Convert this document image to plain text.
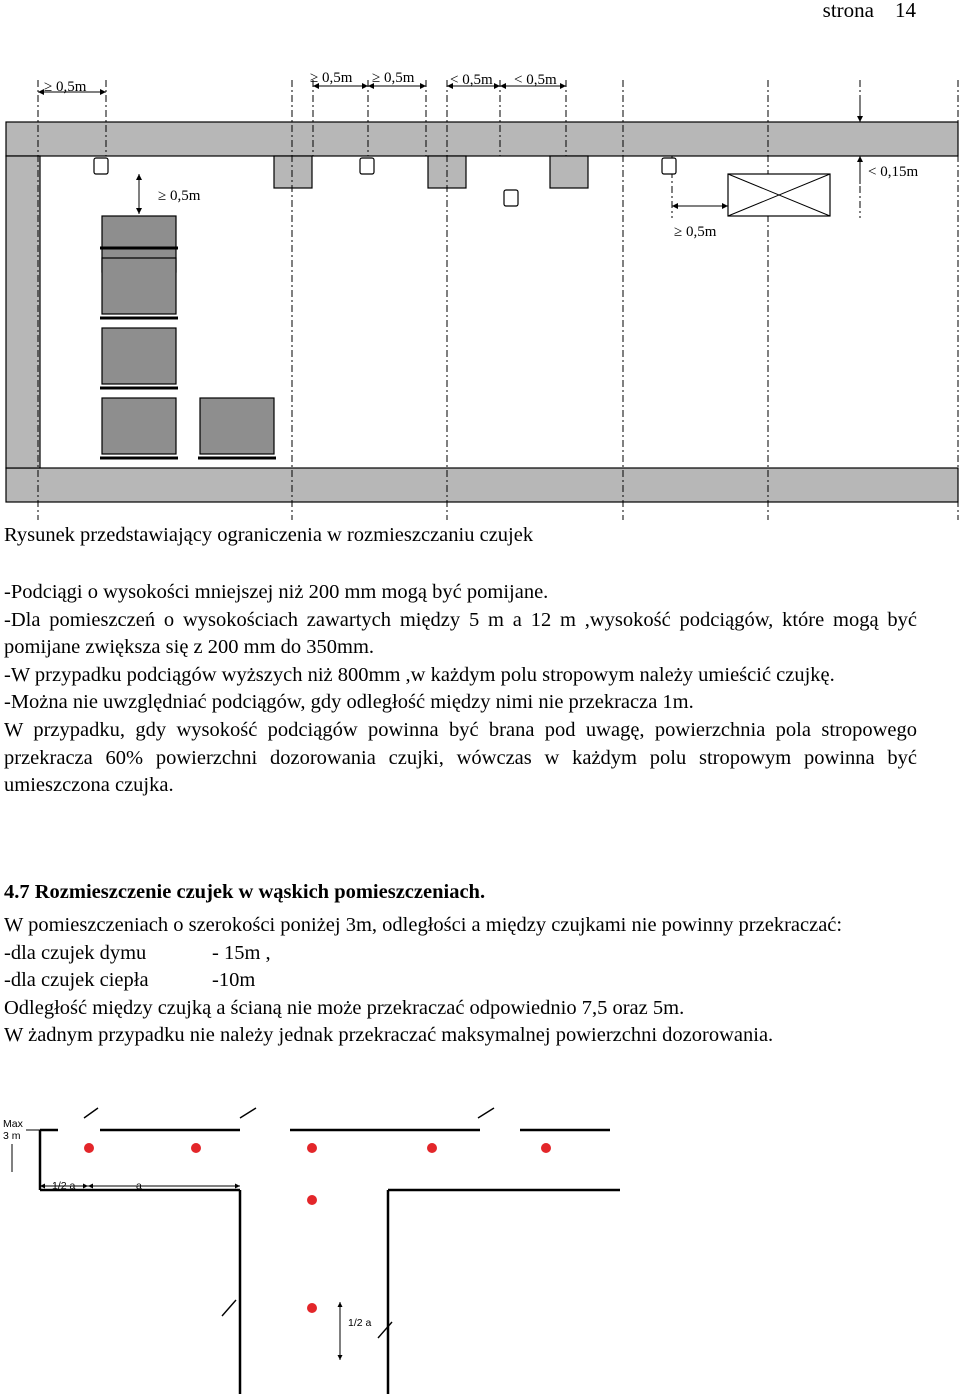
strona 14
≥ 0,5m
≥ 0,5m ≥ 0,5m < 0,5m < 0,5m
≥ 0,5m
< 0,15m
≥ 0,5m
Rysunek przedstawiający ograniczenia w rozmieszczaniu czujek

-Podciągi o wysokości mniejszej niż 200 mm mogą być pomijane.

-Dla pomieszczeń o wysokościach zawartych między 5 m a 12 m ,wysokość podciągów, które mogą być pomijane zwiększa się z 200 mm do 350mm.

-W przypadku podciągów wyższych niż 800mm ,w każdym polu stropowym należy umieścić czujkę.

-Można nie uwzględniać podciągów, gdy odległość między nimi nie przekracza 1m.

W przypadku, gdy wysokość podciągów powinna być brana pod uwagę, powierzchnia pola stropowego przekracza 60% powierzchni dozorowania czujki, wówczas w każdym polu stropowym powinna być umieszczona czujka.

4.7 Rozmieszczenie czujek w wąskich pomieszczeniach.

W pomieszczeniach o szerokości poniżej 3m, odległości a między czujkami nie powinny przekraczać:

-dla czujek dymu	- 15m ,

-dla czujek ciepła	-10m

Odległość między czujką a ścianą nie może przekraczać odpowiednio 7,5 oraz 5m.

W żadnym przypadku nie należy jednak przekraczać maksymalnej powierzchni dozorowania.

Max
3 m
1/2 a	a
1/2 a
